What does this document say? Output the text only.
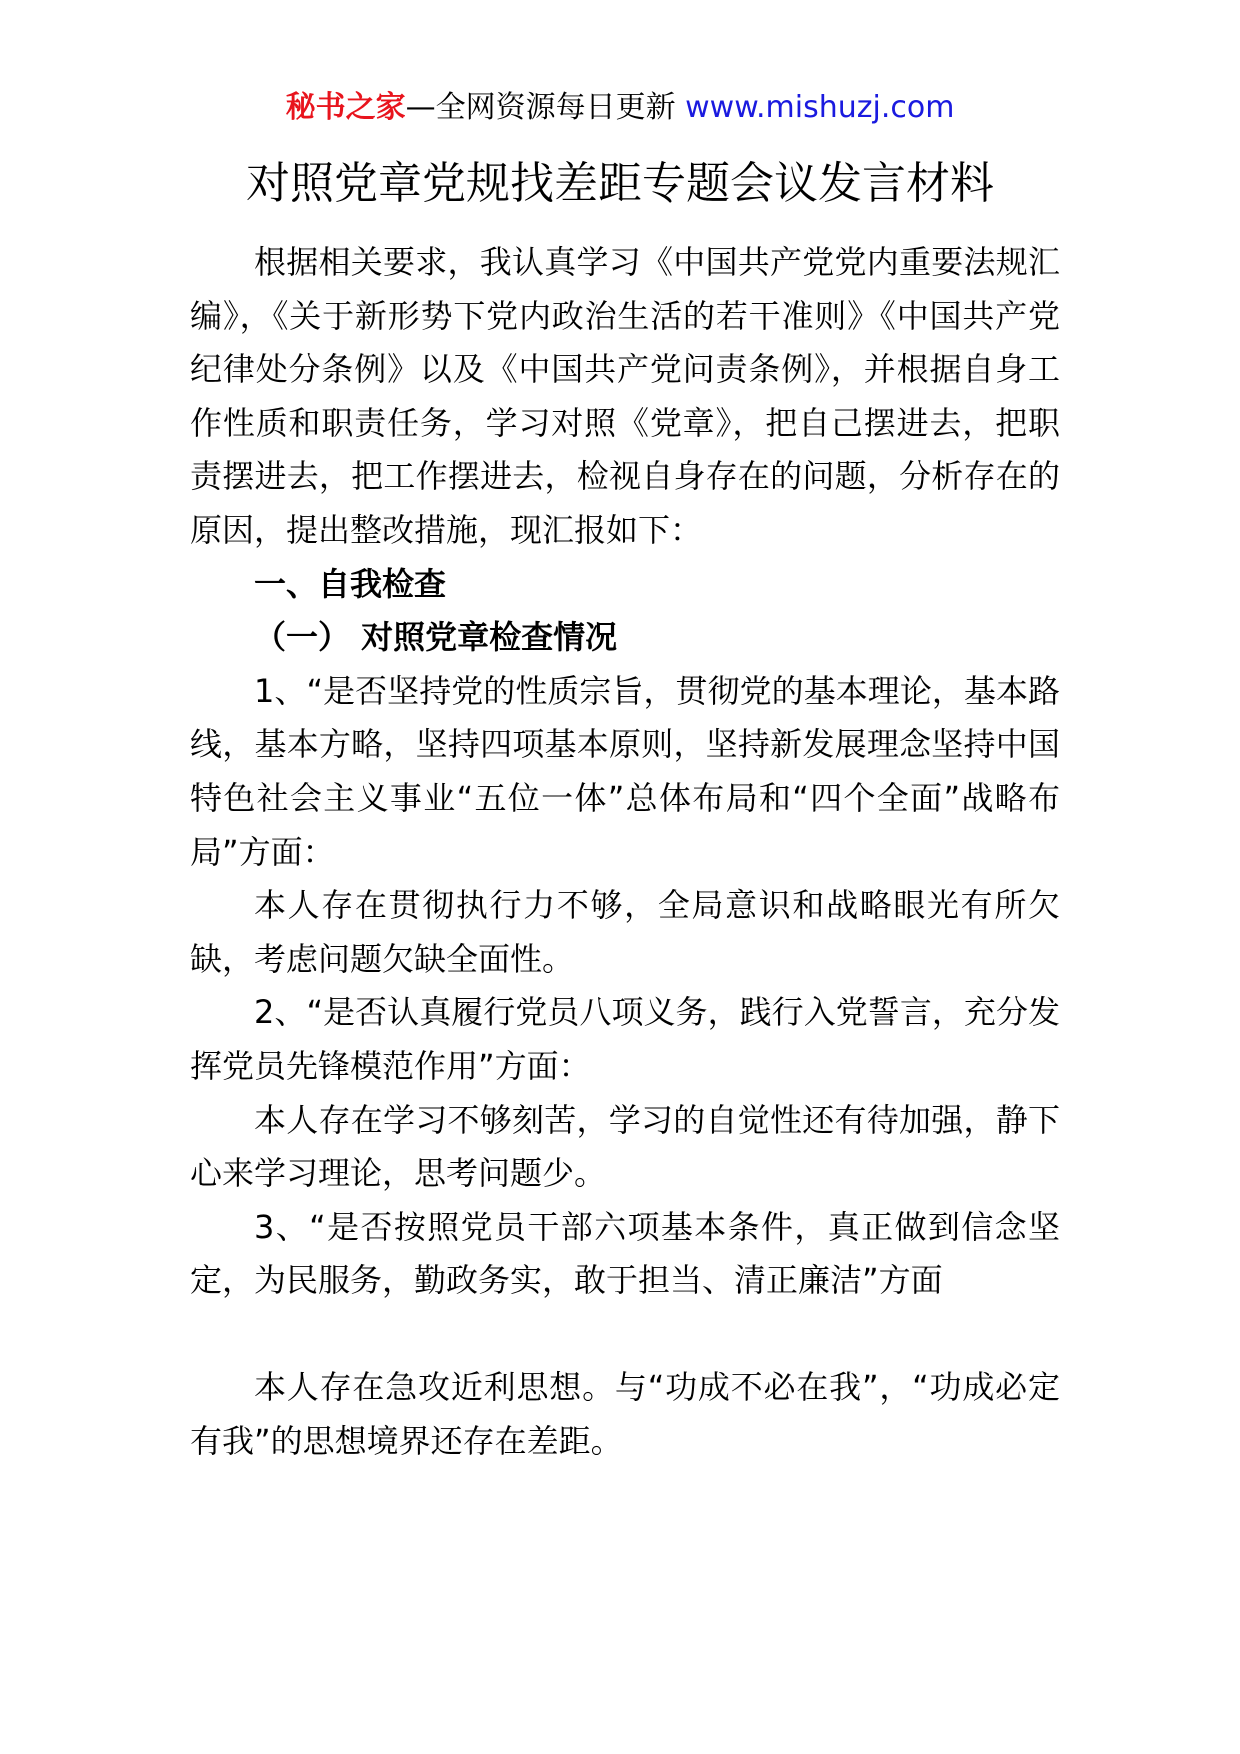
秘书之家—全网资源每日更新 www.mishuzj.com
对照党章党规找差距专题会议发言材料

根据相关要求，我认真学习《中国共产党党内重要法规汇编》，《关于新形势下党内政治生活的若干准则》《中国共产党纪律处分条例》以及《中国共产党问责条例》，并根据自身工作性质和职责任务，学习对照《党章》，把自己摆进去，把职责摆进去，把工作摆进去，检视自身存在的问题，分析存在的原因，提出整改措施，现汇报如下：

一、自我检查

（一） 对照党章检查情况

1、“是否坚持党的性质宗旨，贯彻党的基本理论，基本路线，基本方略，坚持四项基本原则，坚持新发展理念坚持中国特色社会主义事业“五位一体”总体布局和“四个全面”战略布局”方面：

本人存在贯彻执行力不够，全局意识和战略眼光有所欠缺，考虑问题欠缺全面性。

2、“是否认真履行党员八项义务，践行入党誓言，充分发挥党员先锋模范作用”方面：

本人存在学习不够刻苦，学习的自觉性还有待加强，静下心来学习理论，思考问题少。

3、“是否按照党员干部六项基本条件，真正做到信念坚定，为民服务，勤政务实，敢于担当、清正廉洁”方面

本人存在急攻近利思想。与“功成不必在我”，“功成必定有我”的思想境界还存在差距。
